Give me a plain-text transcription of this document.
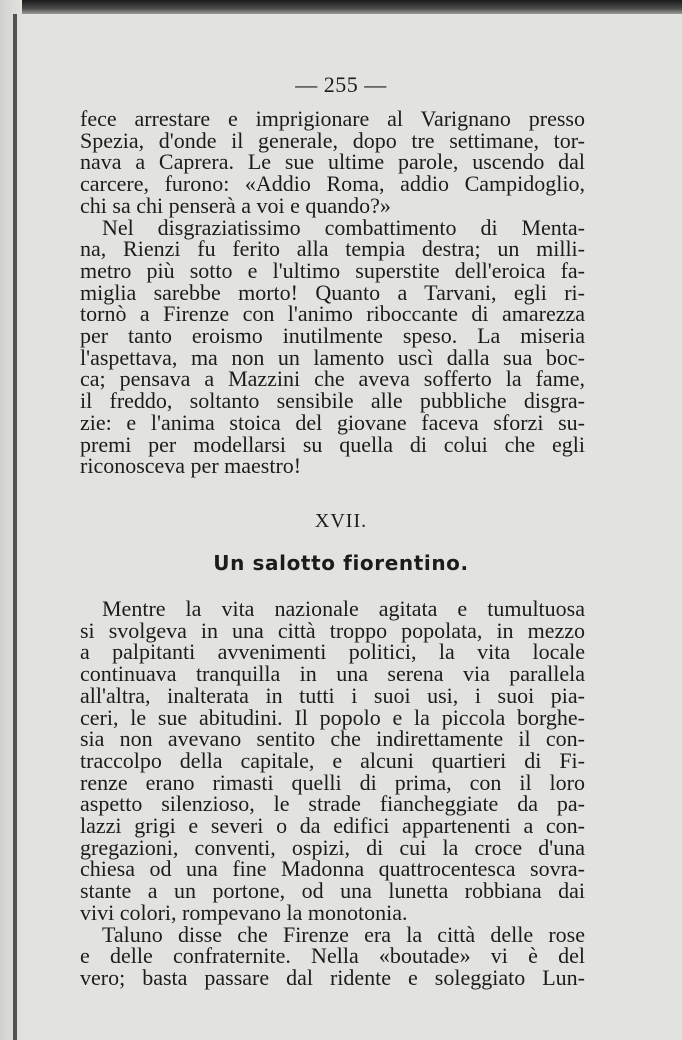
— 255 —
fece arrestare e imprigionare al Varignano presso
Spezia, d'onde il generale, dopo tre settimane, tor-
nava a Caprera. Le sue ultime parole, uscendo dal
carcere, furono: «Addio Roma, addio Campidoglio,
chi sa chi penserà a voi e quando?»
Nel disgraziatissimo combattimento di Menta-
na, Rienzi fu ferito alla tempia destra; un milli-
metro più sotto e l'ultimo superstite dell'eroica fa-
miglia sarebbe morto! Quanto a Tarvani, egli ri-
tornò a Firenze con l'animo riboccante di amarezza
per tanto eroismo inutilmente speso. La miseria
l'aspettava, ma non un lamento uscì dalla sua boc-
ca; pensava a Mazzini che aveva sofferto la fame,
il freddo, soltanto sensibile alle pubbliche disgra-
zie: e l'anima stoica del giovane faceva sforzi su-
premi per modellarsi su quella di colui che egli
riconosceva per maestro!
XVII.
Un salotto fiorentino.
Mentre la vita nazionale agitata e tumultuosa
si svolgeva in una città troppo popolata, in mezzo
a palpitanti avvenimenti politici, la vita locale
continuava tranquilla in una serena via parallela
all'altra, inalterata in tutti i suoi usi, i suoi pia-
ceri, le sue abitudini. Il popolo e la piccola borghe-
sia non avevano sentito che indirettamente il con-
traccolpo della capitale, e alcuni quartieri di Fi-
renze erano rimasti quelli di prima, con il loro
aspetto silenzioso, le strade fiancheggiate da pa-
lazzi grigi e severi o da edifici appartenenti a con-
gregazioni, conventi, ospizi, di cui la croce d'una
chiesa od una fine Madonna quattrocentesca sovra-
stante a un portone, od una lunetta robbiana dai
vivi colori, rompevano la monotonia.
Taluno disse che Firenze era la città delle rose
e delle confraternite. Nella «boutade» vi è del
vero; basta passare dal ridente e soleggiato Lun-
